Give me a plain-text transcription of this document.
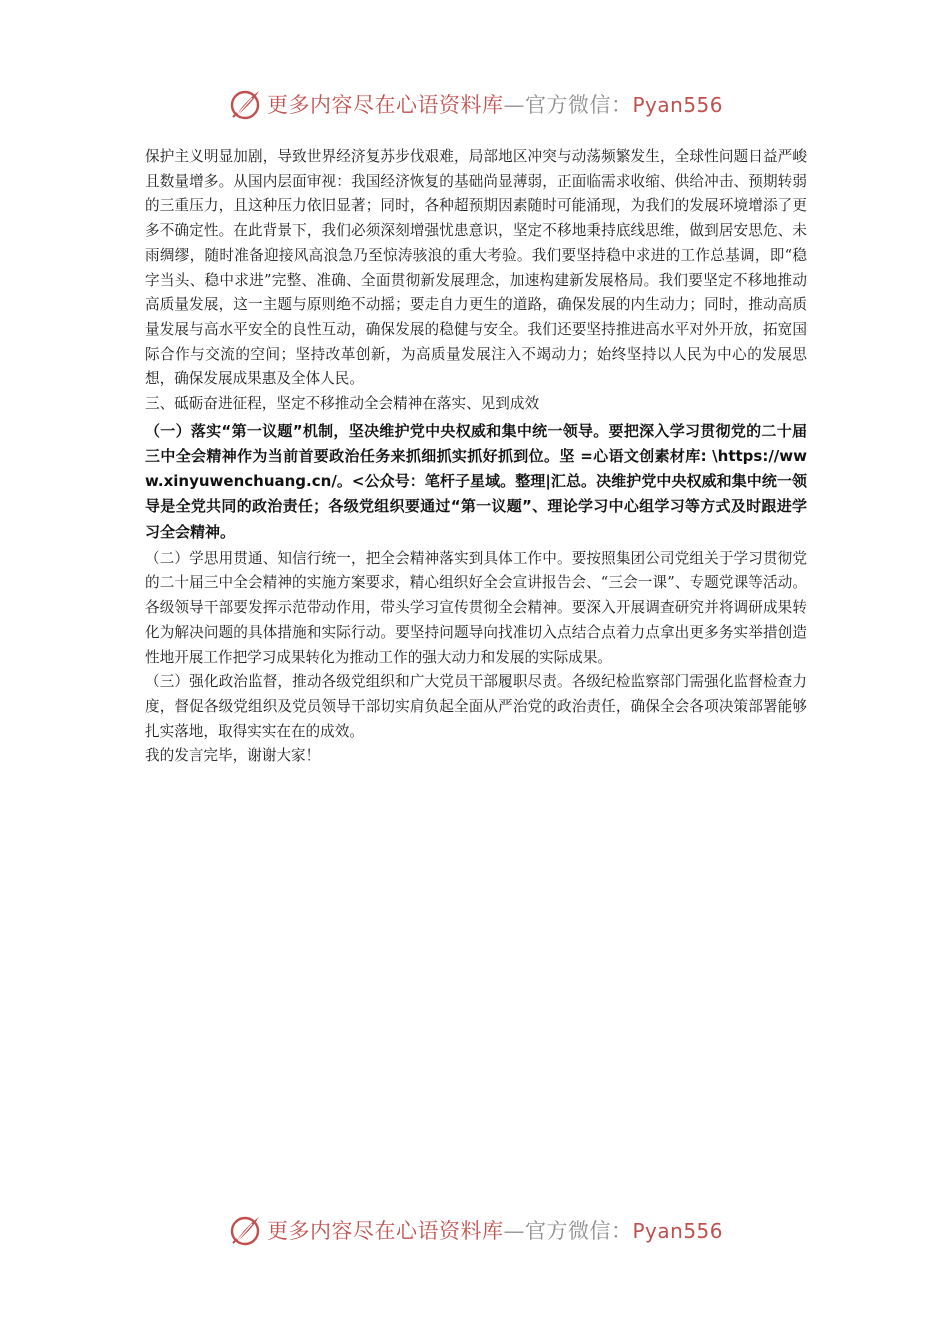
更多内容尽在心语资料库 — 官方微信： Pyan556

保护主义明显加剧，导致世界经济复苏步伐艰难，局部地区冲突与动荡频繁发生，全球性问题日益严峻且数量增多。从国内层面审视：我国经济恢复的基础尚显薄弱，正面临需求收缩、供给冲击、预期转弱的三重压力，且这种压力依旧显著；同时，各种超预期因素随时可能涌现，为我们的发展环境增添了更多不确定性。在此背景下，我们必须深刻增强忧患意识，坚定不移地秉持底线思维，做到居安思危、未雨绸缪，随时准备迎接风高浪急乃至惊涛骇浪的重大考验。我们要坚持稳中求进的工作总基调，即“稳字当头、稳中求进”完整、准确、全面贯彻新发展理念，加速构建新发展格局。我们要坚定不移地推动高质量发展，这一主题与原则绝不动摇；要走自力更生的道路，确保发展的内生动力；同时，推动高质量发展与高水平安全的良性互动，确保发展的稳健与安全。我们还要坚持推进高水平对外开放，拓宽国际合作与交流的空间；坚持改革创新，为高质量发展注入不竭动力；始终坚持以人民为中心的发展思想，确保发展成果惠及全体人民。

三、砥砺奋进征程，坚定不移推动全会精神在落实、见到成效

（一）落实“第一议题”机制，坚决维护党中央权威和集中统一领导。要把深入学习贯彻党的二十届三中全会精神作为当前首要政治任务来抓细抓实抓好抓到位。坚 =心语文创素材库: \https://www.xinyuwenchuang.cn/。<公众号：笔杆子星域。整理|汇总。决维护党中央权威和集中统一领导是全党共同的政治责任；各级党组织要通过“第一议题”、理论学习中心组学习等方式及时跟进学习全会精神。

（二）学思用贯通、知信行统一，把全会精神落实到具体工作中。要按照集团公司党组关于学习贯彻党的二十届三中全会精神的实施方案要求，精心组织好全会宣讲报告会、“三会一课”、专题党课等活动。各级领导干部要发挥示范带动作用，带头学习宣传贯彻全会精神。要深入开展调查研究并将调研成果转化为解决问题的具体措施和实际行动。要坚持问题导向找准切入点结合点着力点拿出更多务实举措创造性地开展工作把学习成果转化为推动工作的强大动力和发展的实际成果。

（三）强化政治监督，推动各级党组织和广大党员干部履职尽责。各级纪检监察部门需强化监督检查力度，督促各级党组织及党员领导干部切实肩负起全面从严治党的政治责任，确保全会各项决策部署能够扎实落地，取得实实在在的成效。

我的发言完毕，谢谢大家！

更多内容尽在心语资料库 — 官方微信： Pyan556
